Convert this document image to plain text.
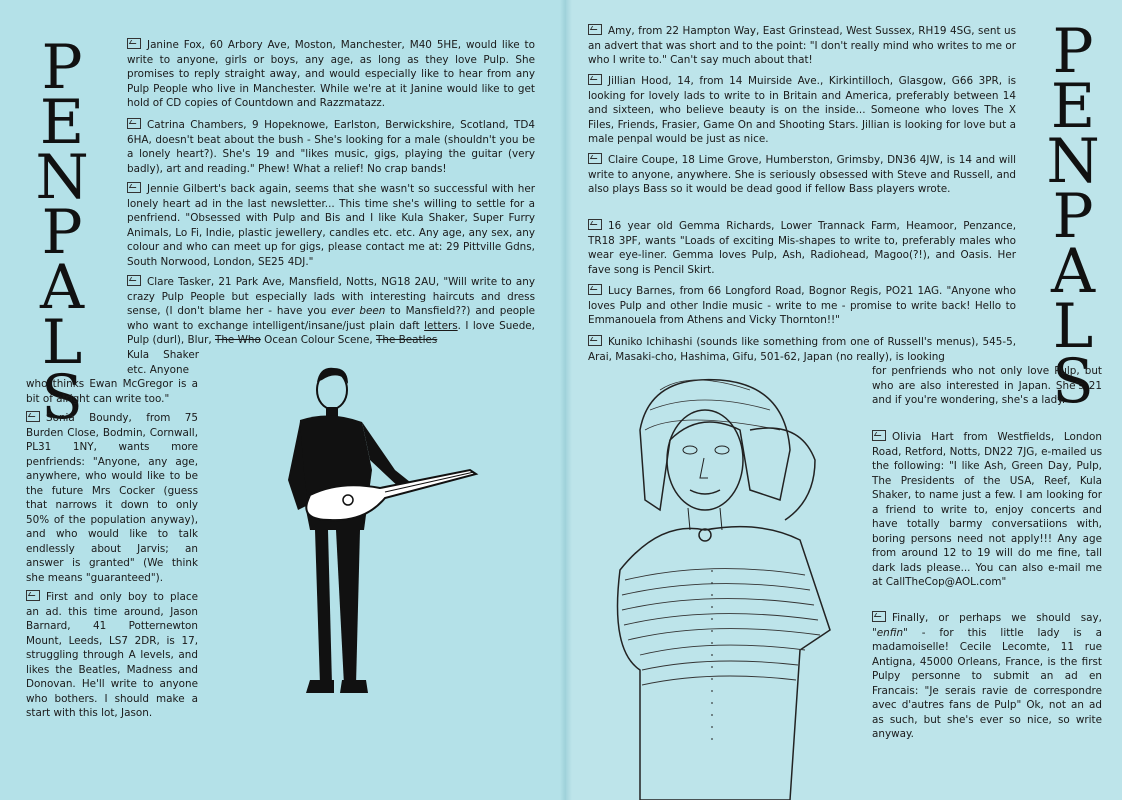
P
E
N
P
A
L
S
P
E
N
P
A
L
S

Janine Fox, 60 Arbory Ave, Moston, Manchester, M40 5HE, would like to write to anyone, girls or boys, any age, as long as they love Pulp. She promises to reply straight away, and would especially like to hear from any Pulp People who live in Manchester. While we're at it Janine would like to get hold of CD copies of Countdown and Razzmatazz.

Catrina Chambers, 9 Hopeknowe, Earlston, Berwickshire, Scotland, TD4 6HA, doesn't beat about the bush - She's looking for a male (shouldn't you be a lonely heart?). She's 19 and "likes music, gigs, playing the guitar (very badly), art and reading." Phew! What a relief! No crap bands!

Jennie Gilbert's back again, seems that she wasn't so successful with her lonely heart ad in the last newsletter... This time she's willing to settle for a penfriend. "Obsessed with Pulp and Bis and I like Kula Shaker, Super Furry Animals, Lo Fi, Indie, plastic jewellery, candles etc. etc. Any age, any sex, any colour and who can meet up for gigs, please contact me at: 29 Pittville Gdns, South Norwood, London, SE25 4DJ."

Clare Tasker, 21 Park Ave, Mansfield, Notts, NG18 2AU, "Will write to any crazy Pulp People but especially lads with interesting haircuts and dress sense, (I don't blame her - have you ever been to Mansfield??) and people who want to exchange intelligent/insane/just plain daft letters. I love Suede, Pulp (durl), Blur, The Who Ocean Colour Scene, The Beatles

Kula Shaker etc. Anyone

who thinks Ewan McGregor is a bit of alright can write too."

Sonia Boundy, from 75 Burden Close, Bodmin, Cornwall, PL31 1NY, wants more penfriends: "Anyone, any age, anywhere, who would like to be the future Mrs Cocker (guess that narrows it down to only 50% of the population anyway), and who would like to talk endlessly about Jarvis; an answer is granted" (We think she means "guaranteed").

First and only boy to place an ad. this time around, Jason Barnard, 41 Potternewton Mount, Leeds, LS7 2DR, is 17, struggling through A levels, and likes the Beatles, Madness and Donovan. He'll write to anyone who bothers. I should make a start with this lot, Jason.

Amy, from 22 Hampton Way, East Grinstead, West Sussex, RH19 4SG, sent us an advert that was short and to the point: "I don't really mind who writes to me or who I write to." Can't say much about that!

Jillian Hood, 14, from 14 Muirside Ave., Kirkintilloch, Glasgow, G66 3PR, is looking for lovely lads to write to in Britain and America, preferably between 14 and sixteen, who believe beauty is on the inside... Someone who loves The X Files, Friends, Frasier, Game On and Shooting Stars. Jillian is looking for love but a male penpal would be just as nice.

Claire Coupe, 18 Lime Grove, Humberston, Grimsby, DN36 4JW, is 14 and will write to anyone, anywhere. She is seriously obsessed with Steve and Russell, and also plays Bass so it would be dead good if fellow Bass players wrote.

16 year old Gemma Richards, Lower Trannack Farm, Heamoor, Penzance, TR18 3PF, wants "Loads of exciting Mis-shapes to write to, preferably males who wear eye-liner. Gemma loves Pulp, Ash, Radiohead, Magoo(?!), and Oasis. Her fave song is Pencil Skirt.

Lucy Barnes, from 66 Longford Road, Bognor Regis, PO21 1AG. "Anyone who loves Pulp and other Indie music - write to me - promise to write back! Hello to Emmanouela from Athens and Vicky Thornton!!"

Kuniko Ichihashi (sounds like something from one of Russell's menus), 545-5, Arai, Masaki-cho, Hashima, Gifu, 501-62, Japan (no really), is looking

for penfriends who not only love Pulp, but who are also interested in Japan. She's 21 and if you're wondering, she's a lady.

Olivia Hart from Westfields, London Road, Retford, Notts, DN22 7JG, e-mailed us the following: "I like Ash, Green Day, Pulp, The Presidents of the USA, Reef, Kula Shaker, to name just a few. I am looking for a friend to write to, enjoy concerts and have totally barmy conversatiions with, boring persons need not apply!!! Any age from around 12 to 19 will do me fine, tall dark lads please... You can also e-mail me at CallTheCop@AOL.com"

Finally, or perhaps we should say, "enfin" - for this little lady is a madamoiselle! Cecile Lecomte, 11 rue Antigna, 45000 Orleans, France, is the first Pulpy personne to submit an ad en Francais: "Je serais ravie de correspondre avec d'autres fans de Pulp" Ok, not an ad as such, but she's ever so nice, so write anyway.
